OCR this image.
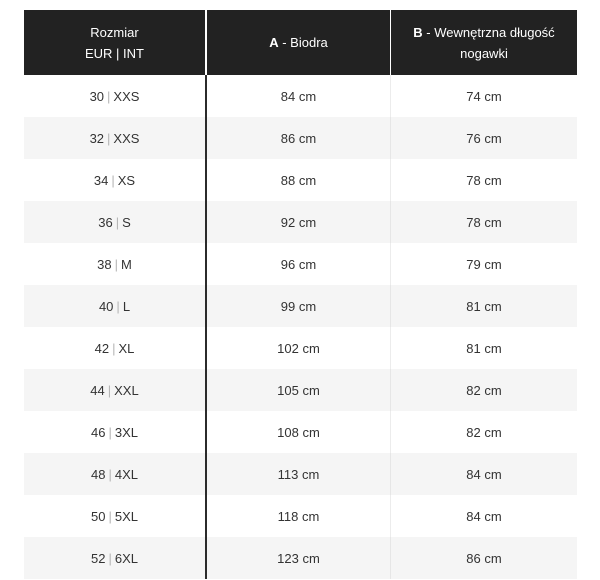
Rozmiar
EUR | INT	A - Biodra	B - Wewnętrzna długość nogawki
30 | XXS	84 cm	74 cm
32 | XXS	86 cm	76 cm
34 | XS	88 cm	78 cm
36 | S	92 cm	78 cm
38 | M	96 cm	79 cm
40 | L	99 cm	81 cm
42 | XL	102 cm	81 cm
44 | XXL	105 cm	82 cm
46 | 3XL	108 cm	82 cm
48 | 4XL	113 cm	84 cm
50 | 5XL	118 cm	84 cm
52 | 6XL	123 cm	86 cm
